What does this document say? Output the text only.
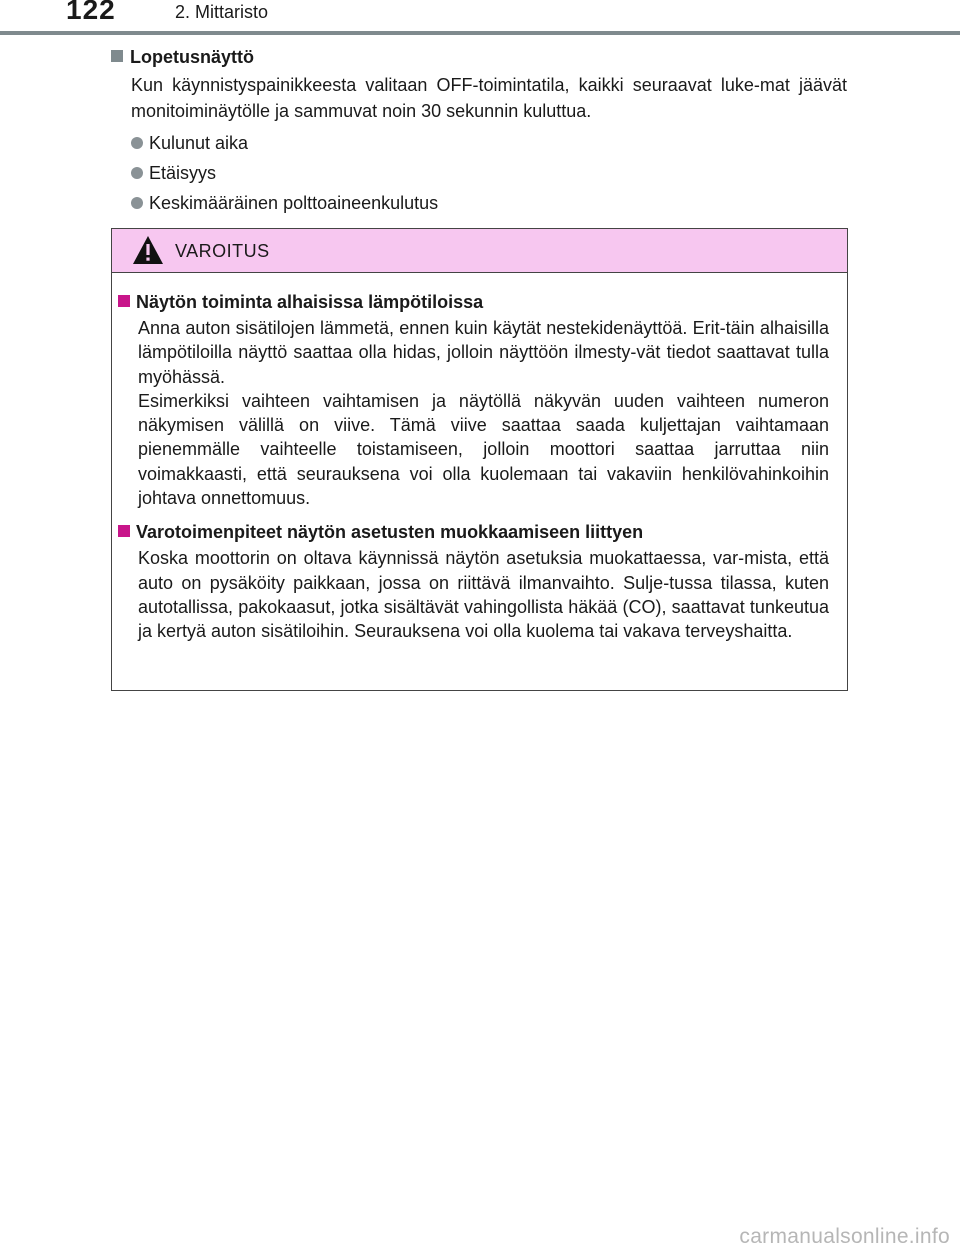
122	2. Mittaristo
Lopetusnäyttö
Kun käynnistyspainikkeesta valitaan OFF-toimintatila, kaikki seuraavat luke-mat jäävät monitoiminäytölle ja sammuvat noin 30 sekunnin kuluttua.
Kulunut aika
Etäisyys
Keskimääräinen polttoaineenkulutus
VAROITUS
Näytön toiminta alhaisissa lämpötiloissa
Anna auton sisätilojen lämmetä, ennen kuin käytät nestekidenäyttöä. Erit-täin alhaisilla lämpötiloilla näyttö saattaa olla hidas, jolloin näyttöön ilmesty-vät tiedot saattavat tulla myöhässä.
Esimerkiksi vaihteen vaihtamisen ja näytöllä näkyvän uuden vaihteen numeron näkymisen välillä on viive. Tämä viive saattaa saada kuljettajan vaihtamaan pienemmälle vaihteelle toistamiseen, jolloin moottori saattaa jarruttaa niin voimakkaasti, että seurauksena voi olla kuolemaan tai vakaviin henkilövahinkoihin johtava onnettomuus.
Varotoimenpiteet näytön asetusten muokkaamiseen liittyen
Koska moottorin on oltava käynnissä näytön asetuksia muokattaessa, var-mista, että auto on pysäköity paikkaan, jossa on riittävä ilmanvaihto. Sulje-tussa tilassa, kuten autotallissa, pakokaasut, jotka sisältävät vahingollista häkää (CO), saattavat tunkeutua ja kertyä auton sisätiloihin. Seurauksena voi olla kuolema tai vakava terveyshaitta.
carmanualsonline.info
